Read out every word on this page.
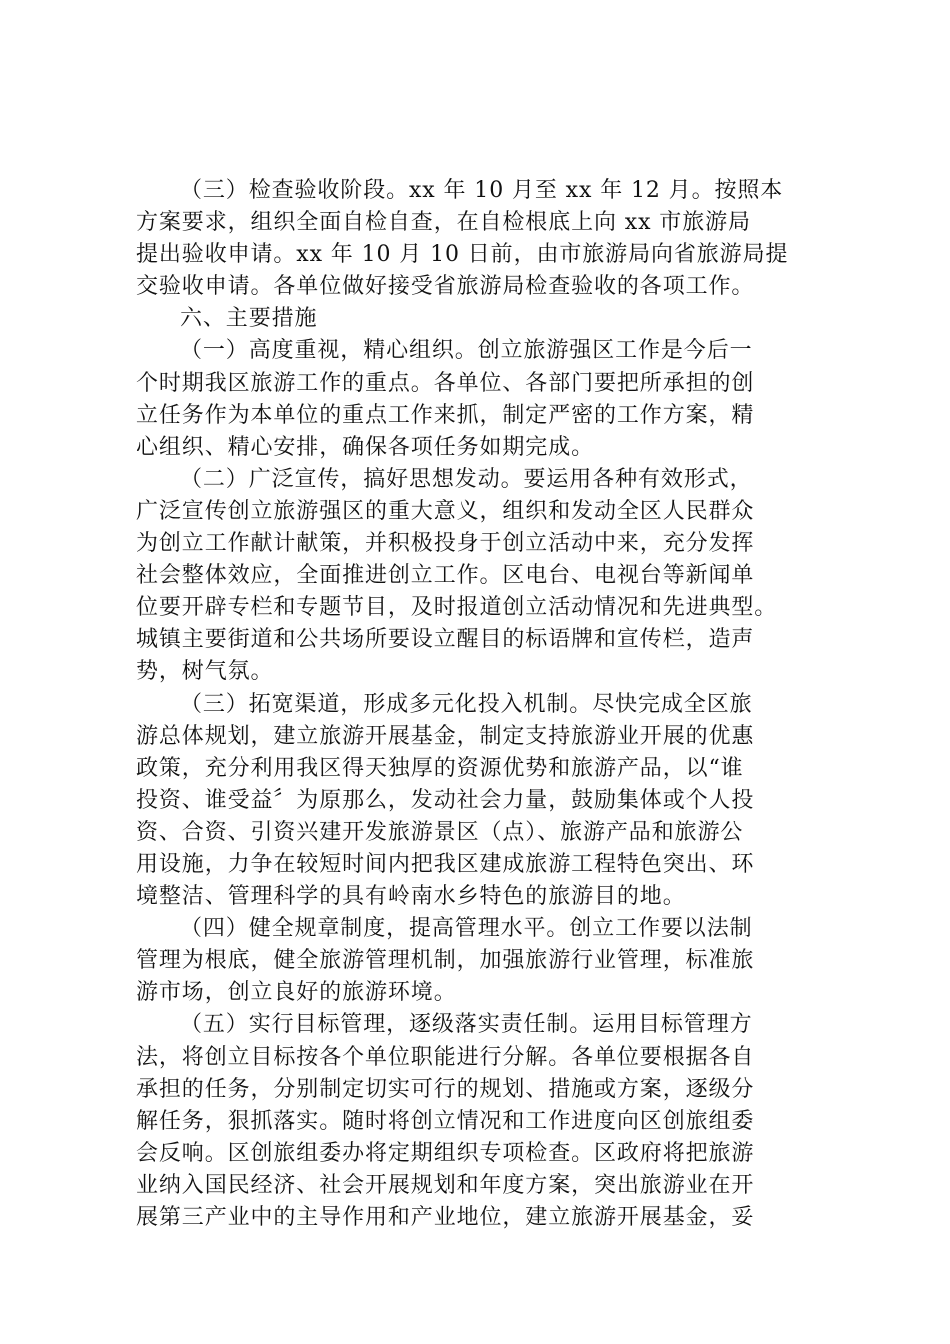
（三）检查验收阶段。xx 年 10 月至 xx 年 12 月。按照本
方案要求，组织全面自检自查，在自检根底上向 xx 市旅游局
提出验收申请。xx 年 10 月 10 日前，由市旅游局向省旅游局提
交验收申请。各单位做好接受省旅游局检查验收的各项工作。
六、主要措施
（一）高度重视，精心组织。创立旅游强区工作是今后一
个时期我区旅游工作的重点。各单位、各部门要把所承担的创
立任务作为本单位的重点工作来抓，制定严密的工作方案，精
心组织、精心安排，确保各项任务如期完成。
（二）广泛宣传，搞好思想发动。要运用各种有效形式，
广泛宣传创立旅游强区的重大意义，组织和发动全区人民群众
为创立工作献计献策，并积极投身于创立活动中来，充分发挥
社会整体效应，全面推进创立工作。区电台、电视台等新闻单
位要开辟专栏和专题节目，及时报道创立活动情况和先进典型。
城镇主要街道和公共场所要设立醒目的标语牌和宣传栏，造声
势，树气氛。
（三）拓宽渠道，形成多元化投入机制。尽快完成全区旅
游总体规划，建立旅游开展基金，制定支持旅游业开展的优惠
政策，充分利用我区得天独厚的资源优势和旅游产品，以“谁
投资、谁受益〞为原那么，发动社会力量，鼓励集体或个人投
资、合资、引资兴建开发旅游景区（点）、旅游产品和旅游公
用设施，力争在较短时间内把我区建成旅游工程特色突出、环
境整洁、管理科学的具有岭南水乡特色的旅游目的地。
（四）健全规章制度，提高管理水平。创立工作要以法制
管理为根底，健全旅游管理机制，加强旅游行业管理，标准旅
游市场，创立良好的旅游环境。
（五）实行目标管理，逐级落实责任制。运用目标管理方
法，将创立目标按各个单位职能进行分解。各单位要根据各自
承担的任务，分别制定切实可行的规划、措施或方案，逐级分
解任务，狠抓落实。随时将创立情况和工作进度向区创旅组委
会反响。区创旅组委办将定期组织专项检查。区政府将把旅游
业纳入国民经济、社会开展规划和年度方案，突出旅游业在开
展第三产业中的主导作用和产业地位，建立旅游开展基金，妥
